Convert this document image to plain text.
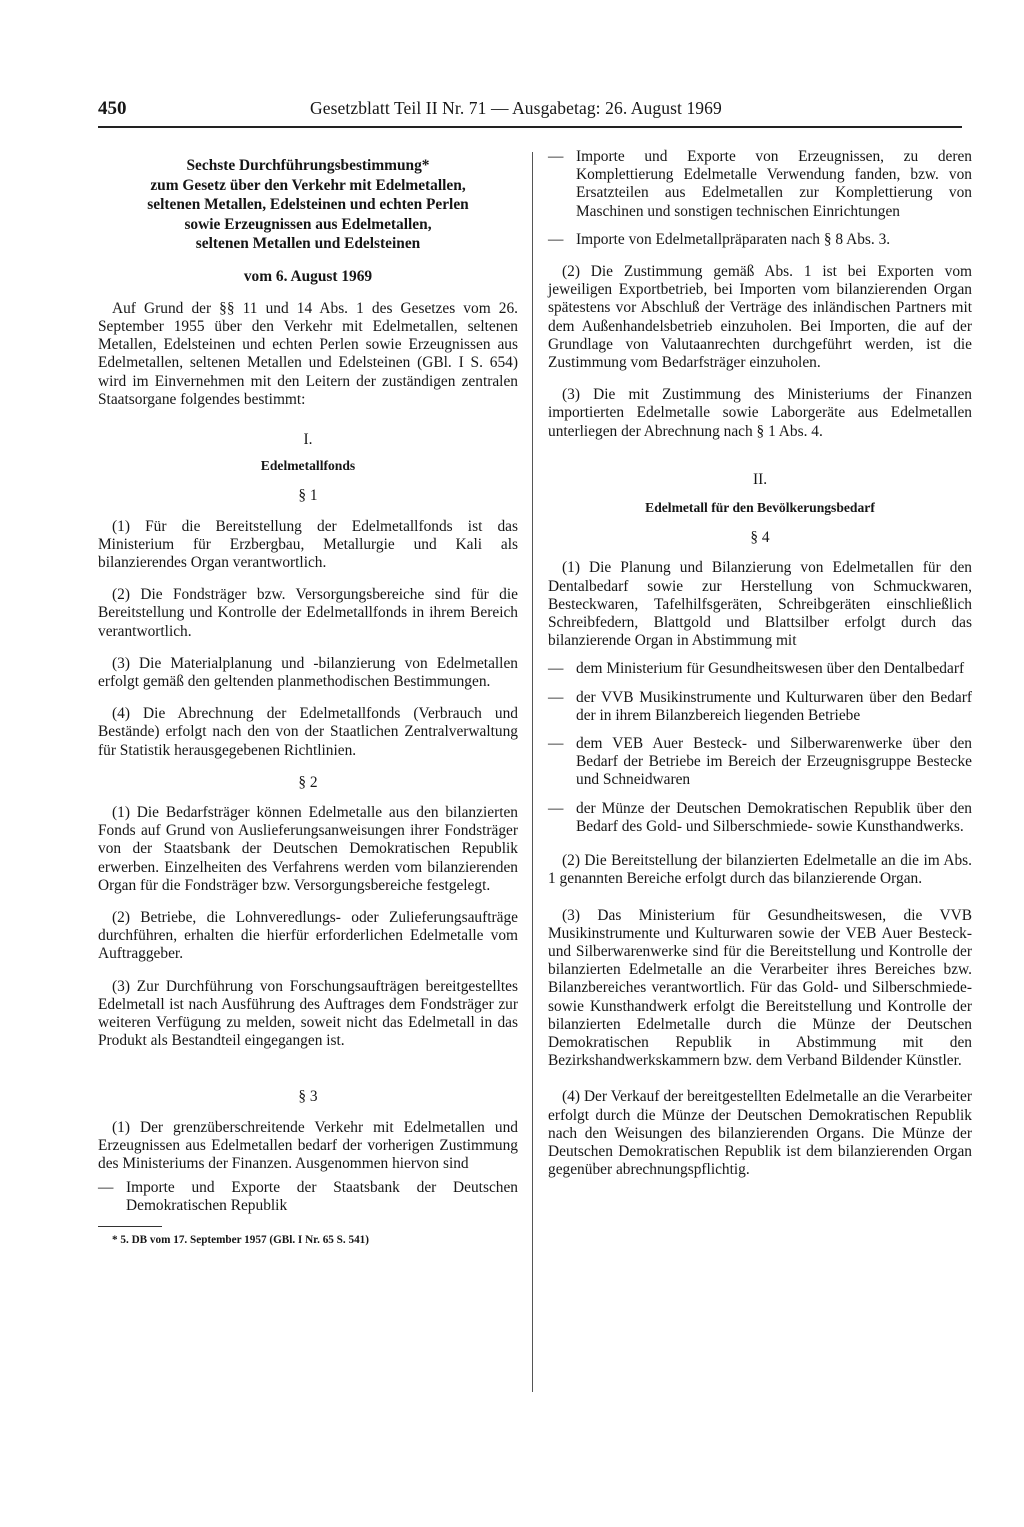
450	Gesetzblatt Teil II Nr. 71 — Ausgabetag: 26. August 1969
Sechste Durchführungsbestimmung*
zum Gesetz über den Verkehr mit Edelmetallen,
seltenen Metallen, Edelsteinen und echten Perlen
sowie Erzeugnissen aus Edelmetallen,
seltenen Metallen und Edelsteinen
vom 6. August 1969

Auf Grund der §§ 11 und 14 Abs. 1 des Gesetzes vom 26. September 1955 über den Verkehr mit Edelmetallen, seltenen Metallen, Edelsteinen und echten Perlen sowie Erzeugnissen aus Edelmetallen, seltenen Metallen und Edelsteinen (GBl. I S. 654) wird im Einvernehmen mit den Leitern der zuständigen zentralen Staatsorgane folgendes bestimmt:

I.
Edelmetallfonds
§ 1

(1) Für die Bereitstellung der Edelmetallfonds ist das Ministerium für Erzbergbau, Metallurgie und Kali als bilanzierendes Organ verantwortlich.

(2) Die Fondsträger bzw. Versorgungsbereiche sind für die Bereitstellung und Kontrolle der Edelmetallfonds in ihrem Bereich verantwortlich.

(3) Die Materialplanung und -bilanzierung von Edelmetallen erfolgt gemäß den geltenden planmethodischen Bestimmungen.

(4) Die Abrechnung der Edelmetallfonds (Verbrauch und Bestände) erfolgt nach den von der Staatlichen Zentralverwaltung für Statistik herausgegebenen Richtlinien.

§ 2

(1) Die Bedarfsträger können Edelmetalle aus den bilanzierten Fonds auf Grund von Auslieferungsanweisungen ihrer Fondsträger von der Staatsbank der Deutschen Demokratischen Republik erwerben. Einzelheiten des Verfahrens werden vom bilanzierenden Organ für die Fondsträger bzw. Versorgungsbereiche festgelegt.

(2) Betriebe, die Lohnveredlungs- oder Zulieferungsaufträge durchführen, erhalten die hierfür erforderlichen Edelmetalle vom Auftraggeber.

(3) Zur Durchführung von Forschungsaufträgen bereitgestelltes Edelmetall ist nach Ausführung des Auftrages dem Fondsträger zur weiteren Verfügung zu melden, soweit nicht das Edelmetall in das Produkt als Bestandteil eingegangen ist.

§ 3

(1) Der grenzüberschreitende Verkehr mit Edelmetallen und Erzeugnissen aus Edelmetallen bedarf der vorherigen Zustimmung des Ministeriums der Finanzen. Ausgenommen hiervon sind

— Importe und Exporte der Staatsbank der Deutschen Demokratischen Republik
* 5. DB vom 17. September 1957 (GBl. I Nr. 65 S. 541)
— Importe und Exporte von Erzeugnissen, zu deren Komplettierung Edelmetalle Verwendung fanden, bzw. von Ersatzteilen aus Edelmetallen zur Komplettierung von Maschinen und sonstigen technischen Einrichtungen
— Importe von Edelmetallpräparaten nach § 8 Abs. 3.

(2) Die Zustimmung gemäß Abs. 1 ist bei Exporten vom jeweiligen Exportbetrieb, bei Importen vom bilanzierenden Organ spätestens vor Abschluß der Verträge des inländischen Partners mit dem Außenhandelsbetrieb einzuholen. Bei Importen, die auf der Grundlage von Valutaanrechten durchgeführt werden, ist die Zustimmung vom Bedarfsträger einzuholen.

(3) Die mit Zustimmung des Ministeriums der Finanzen importierten Edelmetalle sowie Laborgeräte aus Edelmetallen unterliegen der Abrechnung nach § 1 Abs. 4.

II.
Edelmetall für den Bevölkerungsbedarf
§ 4

(1) Die Planung und Bilanzierung von Edelmetallen für den Dentalbedarf sowie zur Herstellung von Schmuckwaren, Besteckwaren, Tafelhilfsgeräten, Schreibgeräten einschließlich Schreibfedern, Blattgold und Blattsilber erfolgt durch das bilanzierende Organ in Abstimmung mit

— dem Ministerium für Gesundheitswesen über den Dentalbedarf
— der VVB Musikinstrumente und Kulturwaren über den Bedarf der in ihrem Bilanzbereich liegenden Betriebe
— dem VEB Auer Besteck- und Silberwarenwerke über den Bedarf der Betriebe im Bereich der Erzeugnisgruppe Bestecke und Schneidwaren
— der Münze der Deutschen Demokratischen Republik über den Bedarf des Gold- und Silberschmiede- sowie Kunsthandwerks.

(2) Die Bereitstellung der bilanzierten Edelmetalle an die im Abs. 1 genannten Bereiche erfolgt durch das bilanzierende Organ.

(3) Das Ministerium für Gesundheitswesen, die VVB Musikinstrumente und Kulturwaren sowie der VEB Auer Besteck- und Silberwarenwerke sind für die Bereitstellung und Kontrolle der bilanzierten Edelmetalle an die Verarbeiter ihres Bereiches bzw. Bilanzbereiches verantwortlich. Für das Gold- und Silberschmiede- sowie Kunsthandwerk erfolgt die Bereitstellung und Kontrolle der bilanzierten Edelmetalle durch die Münze der Deutschen Demokratischen Republik in Abstimmung mit den Bezirkshandwerkskammern bzw. dem Verband Bildender Künstler.

(4) Der Verkauf der bereitgestellten Edelmetalle an die Verarbeiter erfolgt durch die Münze der Deutschen Demokratischen Republik nach den Weisungen des bilanzierenden Organs. Die Münze der Deutschen Demokratischen Republik ist dem bilanzierenden Organ gegenüber abrechnungspflichtig.
